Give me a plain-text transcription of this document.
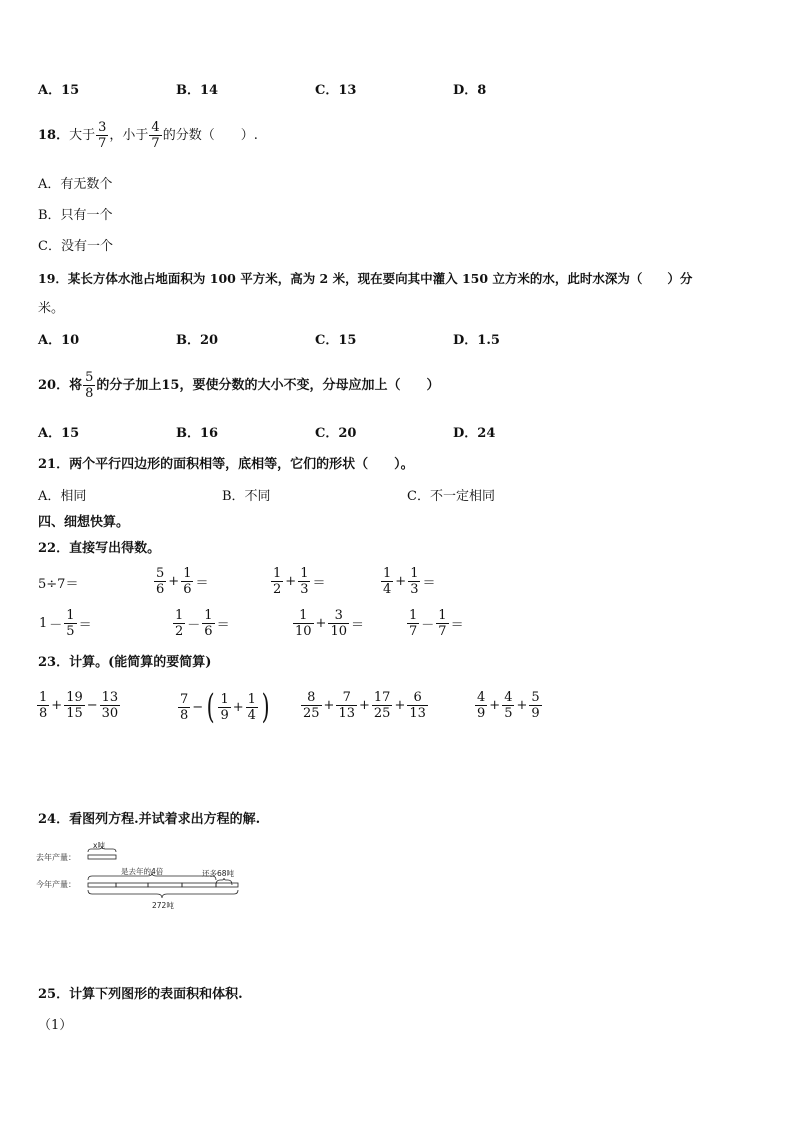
A．15	B．14	C．13	D．8
18． 大于 $\frac{3}{7}$ ，小于 $\frac{4}{7}$ 的分数（　　）.
A．有无数个
B．只有一个
C．没有一个
19．某长方体水池占地面积为 100 平方米，高为 2 米，现在要向其中灌入 150 立方米的水，此时水深为（　　）分
米。
A．10	B．20	C．15	D．1.5
20．将 $\frac{5}{8}$ 的分子加上15，要使分数的大小不变，分母应加上（　　）
A．15	B．16	C．20	D．24
21．两个平行四边形的面积相等，底相等，它们的形状（　　）。
A．相同	B．不同	C．不一定相同
四、细想快算。
22．直接写出得数。
5÷7 ＝	$\frac{5}{6} + \frac{1}{6}$ ＝	$\frac{1}{2} + \frac{1}{3}$ ＝	$\frac{1}{4} + \frac{1}{3}$ ＝
$1 - \frac{1}{5}$ ＝	$\frac{1}{2} - \frac{1}{6}$ ＝	$\frac{1}{10} + \frac{3}{10}$ ＝	$\frac{1}{7} - \frac{1}{7}$ ＝
23．计算。(能简算的要简算)
$\frac{1}{8} + \frac{19}{15} - \frac{13}{30}$	$\frac{7}{8}$ − ( $\frac{1}{9} + \frac{1}{4}$ ) $\frac{8}{25} + \frac{7}{13} + \frac{17}{25} + \frac{6}{13}$	$\frac{4}{9} + \frac{4}{5} + \frac{5}{9}$
24．看图列方程.并试着求出方程的解.
去年产量：
x吨
今年产量：
是去年的4倍	还多68吨
272吨
25．计算下列图形的表面积和体积.
（1）
